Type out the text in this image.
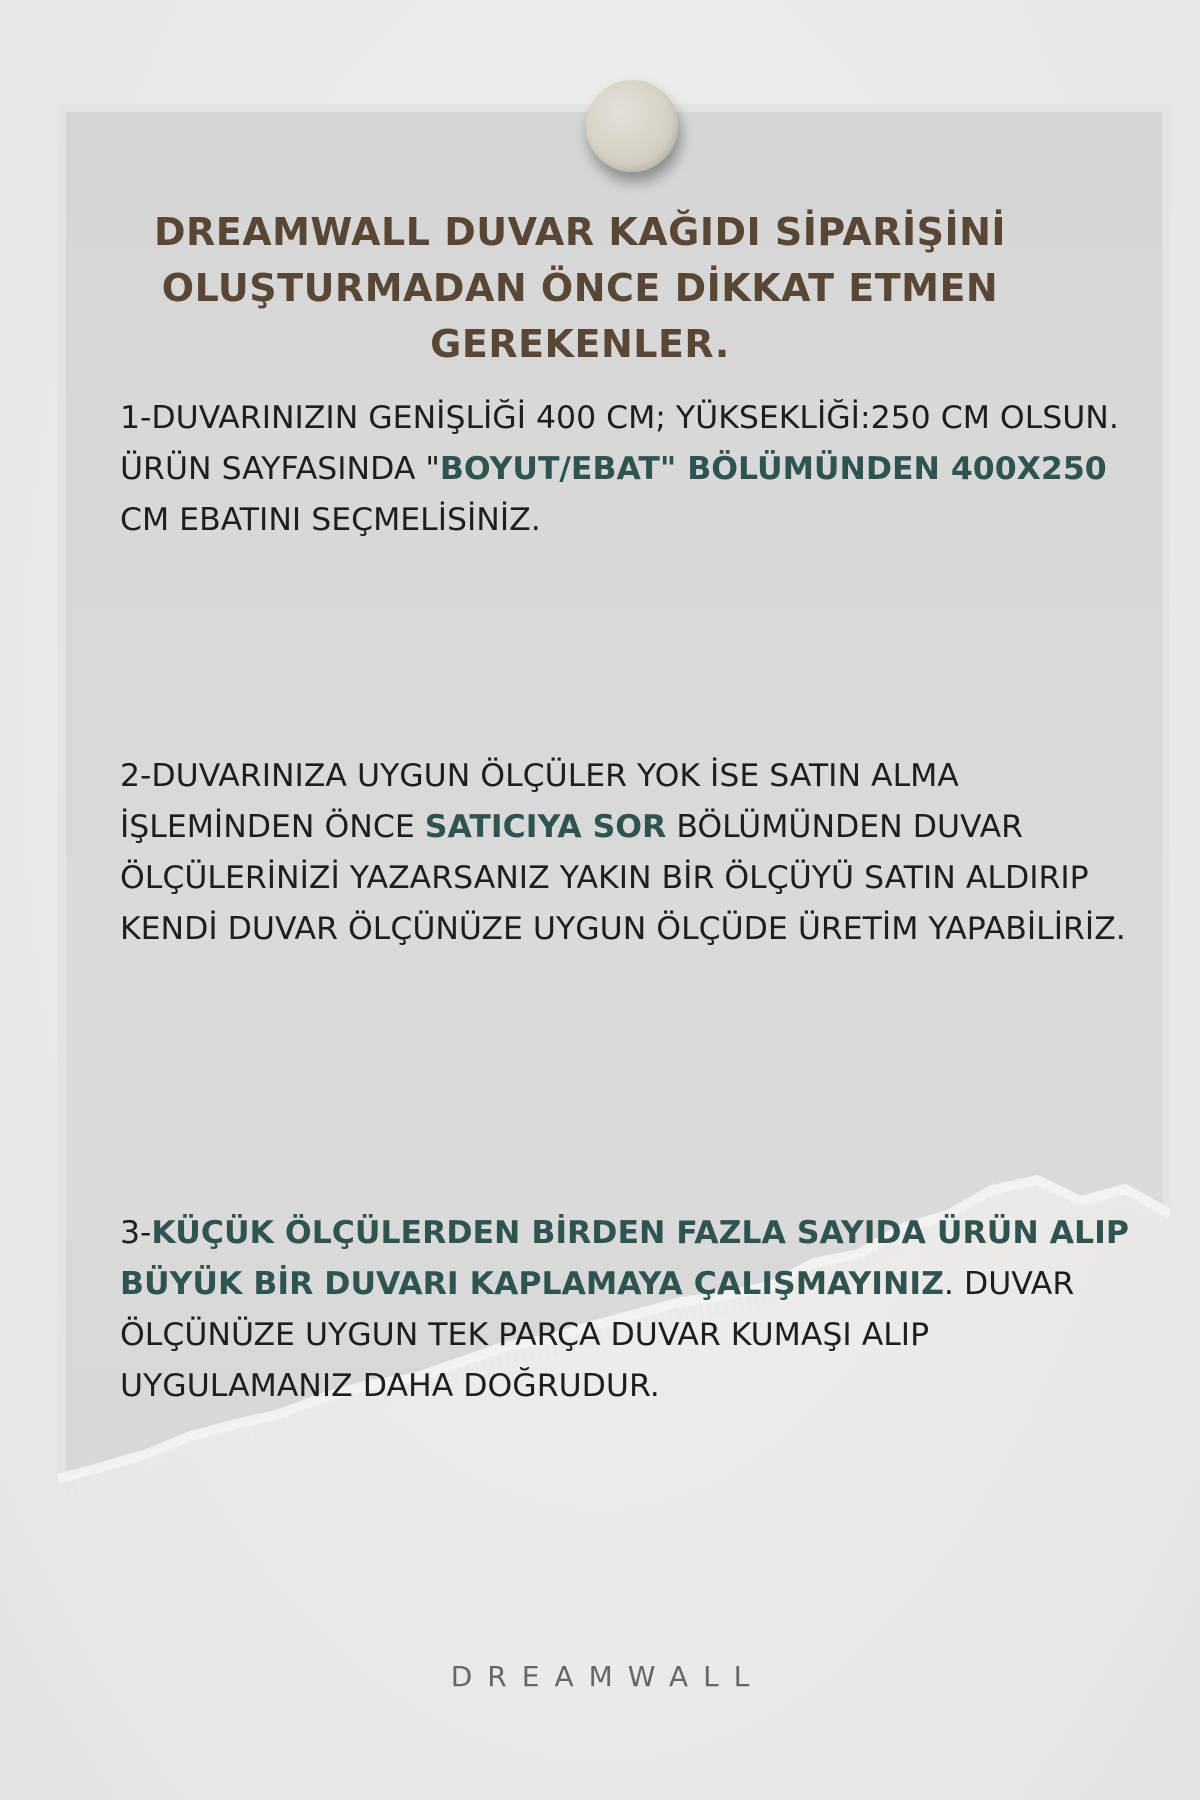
DREAMWALL DUVAR KAĞIDI SİPARİŞİNİ
OLUŞTURMADAN ÖNCE DİKKAT ETMEN
GEREKENLER.

1-DUVARINIZIN GENİŞLİĞİ 400 CM; YÜKSEKLİĞİ:250 CM OLSUN. ÜRÜN SAYFASINDA "BOYUT/EBAT" BÖLÜMÜNDEN 400X250 CM EBATINI SEÇMELİSİNİZ.

2-DUVARINIZA UYGUN ÖLÇÜLER YOK İSE SATIN ALMA İŞLEMİNDEN ÖNCE SATICIYA SOR BÖLÜMÜNDEN DUVAR ÖLÇÜLERİNİZİ YAZARSANIZ YAKIN BİR ÖLÇÜYÜ SATIN ALDIRIP KENDİ DUVAR ÖLÇÜNÜZE UYGUN ÖLÇÜDE ÜRETİM YAPABİLİRİZ.

3-KÜÇÜK ÖLÇÜLERDEN BİRDEN FAZLA SAYIDA ÜRÜN ALIP BÜYÜK BİR DUVARI KAPLAMAYA ÇALIŞMAYINIZ. DUVAR ÖLÇÜNÜZE UYGUN TEK PARÇA DUVAR KUMAŞI ALIP UYGULAMANIZ DAHA DOĞRUDUR.

DREAMWALL
